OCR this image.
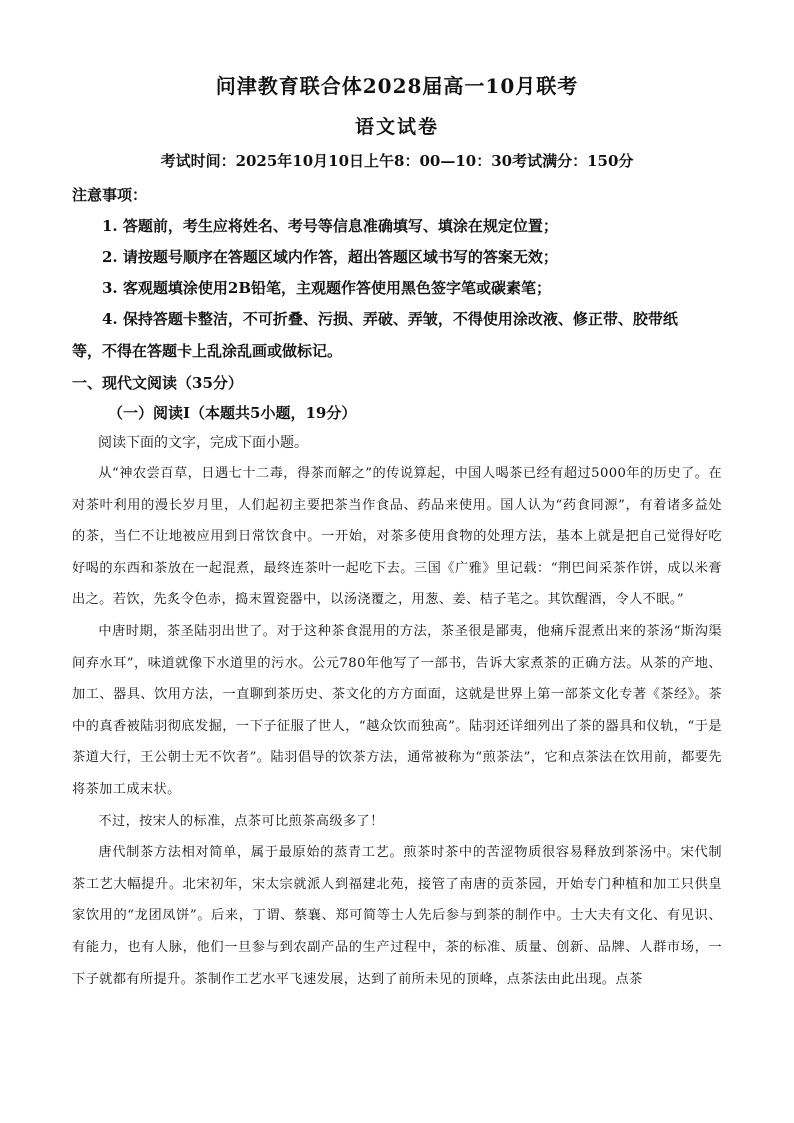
问津教育联合体2028届高一10月联考
语文试卷
考试时间：2025年10月10日上午8：00—10：30考试满分：150分
注意事项：
1. 答题前，考生应将姓名、考号等信息准确填写、填涂在规定位置；
2. 请按题号顺序在答题区域内作答，超出答题区域书写的答案无效；
3. 客观题填涂使用2B铅笔，主观题作答使用黑色签字笔或碳素笔；
4. 保持答题卡整洁，不可折叠、污损、弄破、弄皱，不得使用涂改液、修正带、胶带纸
等，不得在答题卡上乱涂乱画或做标记。
一、现代文阅读（35分）
（一）阅读Ⅰ（本题共5小题，19分）
阅读下面的文字，完成下面小题。

从“神农尝百草，日遇七十二毒，得茶而解之”的传说算起，中国人喝茶已经有超过5000年的历史了。在对茶叶利用的漫长岁月里，人们起初主要把茶当作食品、药品来使用。国人认为“药食同源”，有着诸多益处的茶，当仁不让地被应用到日常饮食中。一开始，对茶多使用食物的处理方法，基本上就是把自己觉得好吃好喝的东西和茶放在一起混煮，最终连茶叶一起吃下去。三国《广雅》里记载：“荆巴间采茶作饼，成以米膏出之。若饮，先炙令色赤，捣末置瓷器中，以汤浇覆之，用葱、姜、桔子芼之。其饮醒酒，令人不眠。”

中唐时期，茶圣陆羽出世了。对于这种茶食混用的方法，茶圣很是鄙夷，他痛斥混煮出来的茶汤“斯沟渠间弃水耳”，味道就像下水道里的污水。公元780年他写了一部书，告诉大家煮茶的正确方法。从茶的产地、加工、器具、饮用方法，一直聊到茶历史、茶文化的方方面面，这就是世界上第一部茶文化专著《茶经》。茶中的真香被陆羽彻底发掘，一下子征服了世人，“越众饮而独高”。陆羽还详细列出了茶的器具和仪轨，“于是茶道大行，王公朝士无不饮者”。陆羽倡导的饮茶方法，通常被称为“煎茶法”，它和点茶法在饮用前，都要先将茶加工成末状。

不过，按宋人的标准，点茶可比煎茶高级多了！

唐代制茶方法相对简单，属于最原始的蒸青工艺。煎茶时茶中的苦涩物质很容易释放到茶汤中。宋代制茶工艺大幅提升。北宋初年，宋太宗就派人到福建北苑，接管了南唐的贡茶园，开始专门种植和加工只供皇家饮用的“龙团凤饼”。后来，丁谓、蔡襄、郑可简等士人先后参与到茶的制作中。士大夫有文化、有见识、有能力，也有人脉，他们一旦参与到农副产品的生产过程中，茶的标准、质量、创新、品牌、人群市场，一下子就都有所提升。茶制作工艺水平飞速发展，达到了前所未见的顶峰，点茶法由此出现。点茶
